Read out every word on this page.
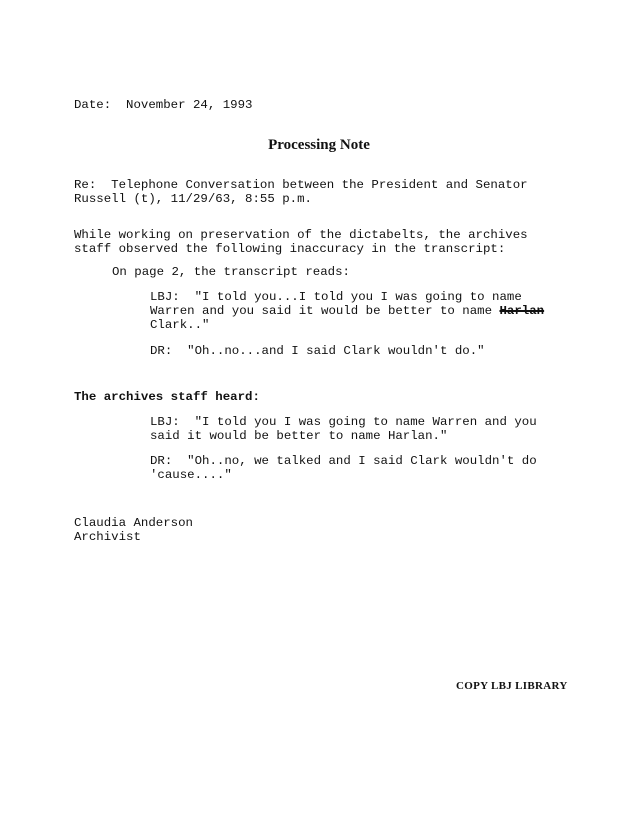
Date:  November 24, 1993
Processing Note
Re:  Telephone Conversation between the President and Senator
Russell (t), 11/29/63, 8:55 p.m.
While working on preservation of the dictabelts, the archives
staff observed the following inaccuracy in the transcript:
On page 2, the transcript reads:
LBJ:  "I told you...I told you I was going to name
Warren and you said it would be better to name Harlan
Clark.."
DR:  "Oh..no...and I said Clark wouldn't do."
The archives staff heard:
LBJ:  "I told you I was going to name Warren and you
said it would be better to name Harlan."
DR:  "Oh..no, we talked and I said Clark wouldn't do
'cause...."
Claudia Anderson
Archivist
COPY LBJ LIBRARY
